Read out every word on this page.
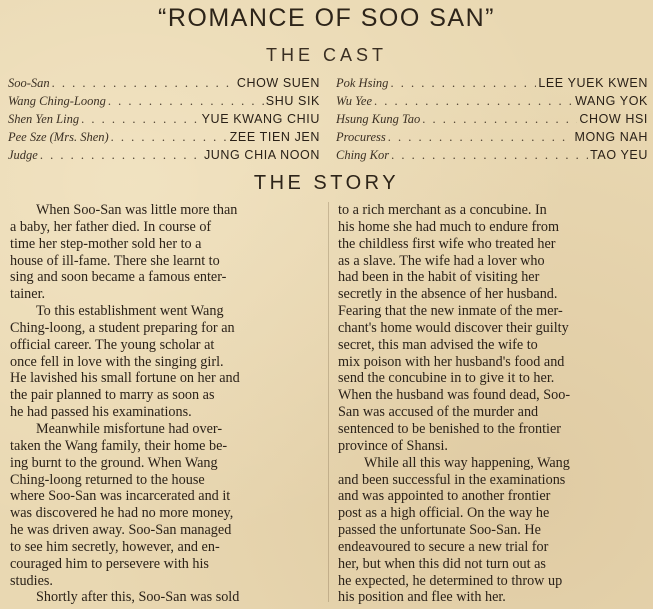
“ROMANCE OF SOO SAN”
THE CAST
Soo-San . . .	CHOW SUEN Pok Hsing . . .	LEE YUEK KWEN
Wang Ching-Loong . . .	SHU SIK Wu Yee . . .	WANG YOK
Shen Yen Ling . . .	YUE KWANG CHIU Hsung Kung Tao . . .	CHOW HSI
Pee Sze (Mrs. Shen) . . .	ZEE TIEN JEN Procuress . . .	MONG NAH
Judge . . .	JUNG CHIA NOON Ching Kor . . .	TAO YEU
THE STORY
When Soo-San was little more than
a baby, her father died. In course of
time her step-mother sold her to a
house of ill-fame. There she learnt to
sing and soon became a famous enter-
tainer.
To this establishment went Wang
Ching-loong, a student preparing for an
official career. The young scholar at
once fell in love with the singing girl.
He lavished his small fortune on her and
the pair planned to marry as soon as
he had passed his examinations.
Meanwhile misfortune had over-
taken the Wang family, their home be-
ing burnt to the ground. When Wang
Ching-loong returned to the house
where Soo-San was incarcerated and it
was discovered he had no more money,
he was driven away. Soo-San managed
to see him secretly, however, and en-
couraged him to persevere with his
studies.
Shortly after this, Soo-San was sold
to a rich merchant as a concubine. In
his home she had much to endure from
the childless first wife who treated her
as a slave. The wife had a lover who
had been in the habit of visiting her
secretly in the absence of her husband.
Fearing that the new inmate of the mer-
chant's home would discover their guilty
secret, this man advised the wife to
mix poison with her husband's food and
send the concubine in to give it to her.
When the husband was found dead, Soo-
San was accused of the murder and
sentenced to be benished to the frontier
province of Shansi.
While all this way happening, Wang
and been successful in the examinations
and was appointed to another frontier
post as a high official. On the way he
passed the unfortunate Soo-San. He
endeavoured to secure a new trial for
her, but when this did not turn out as
he expected, he determined to throw up
his position and flee with her.
